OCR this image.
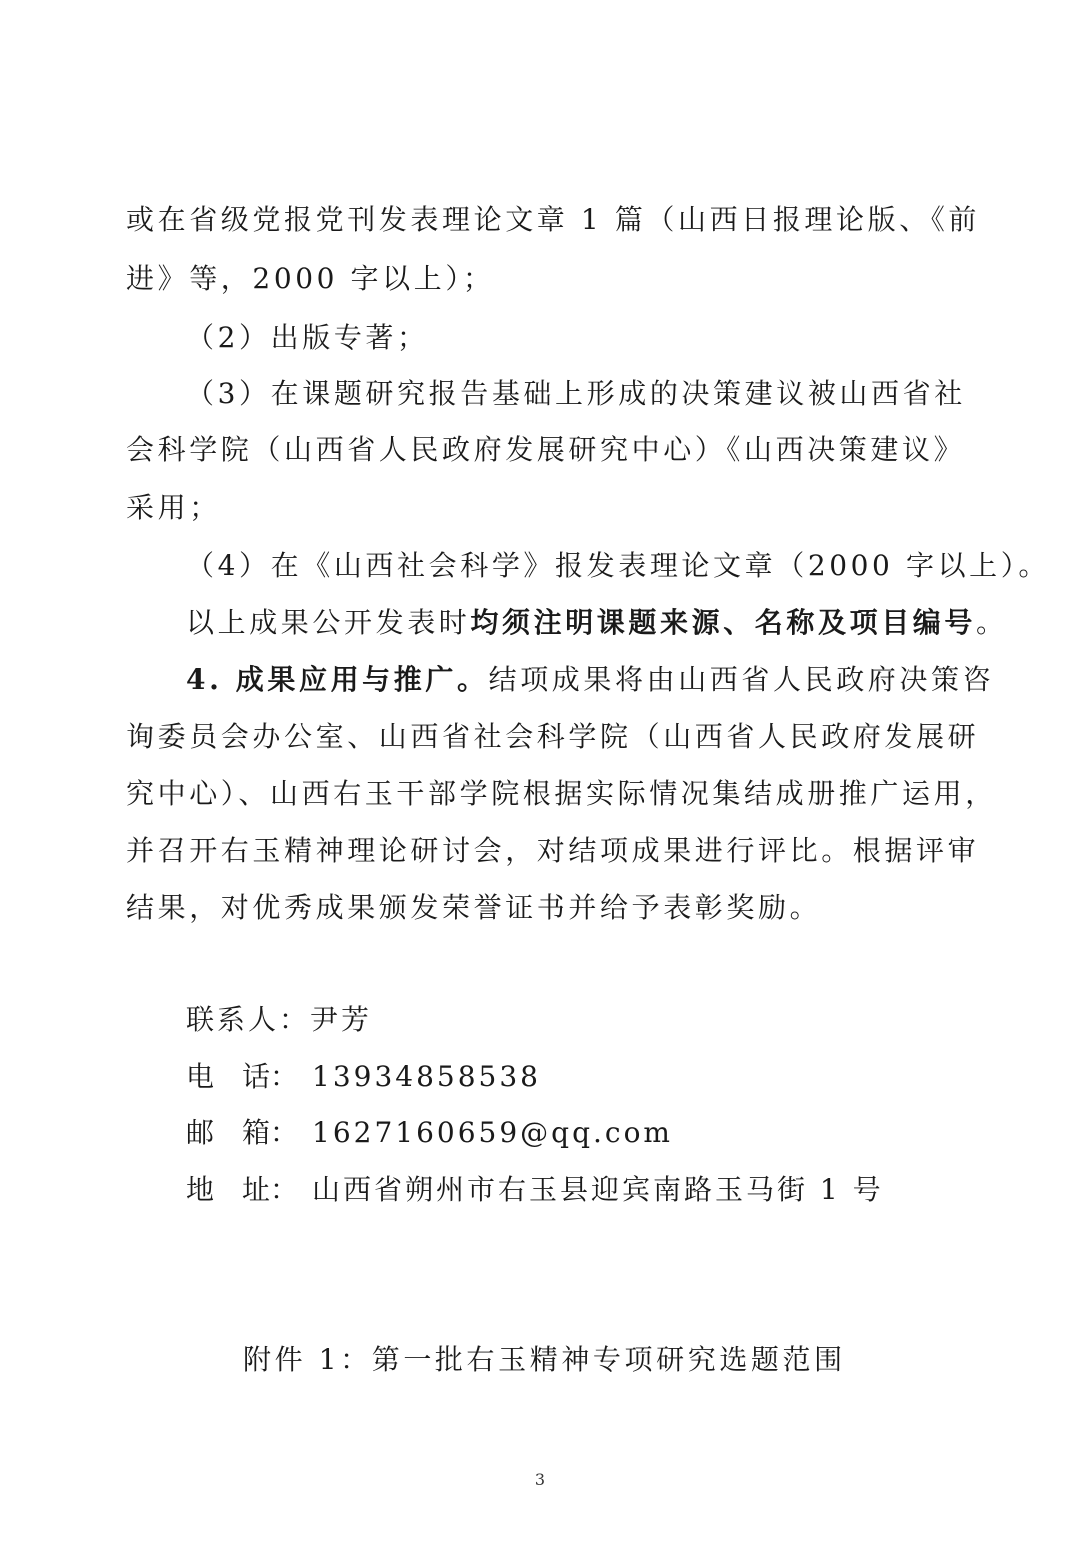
或在省级党报党刊发表理论文章 1 篇（山西日报理论版、《前
进》等，2000 字以上）；
（2）出版专著；
（3）在课题研究报告基础上形成的决策建议被山西省社
会科学院（山西省人民政府发展研究中心）《山西决策建议》
采用；
（4）在《山西社会科学》报发表理论文章（2000 字以上）。
以上成果公开发表时均须注明课题来源、名称及项目编号。
4. 成果应用与推广。结项成果将由山西省人民政府决策咨
询委员会办公室、山西省社会科学院（山西省人民政府发展研
究中心）、山西右玉干部学院根据实际情况集结成册推广运用，
并召开右玉精神理论研讨会，对结项成果进行评比。根据评审
结果，对优秀成果颁发荣誉证书并给予表彰奖励。
联系人：尹芳
电 话： 13934858538
邮 箱： 1627160659@qq.com
地 址： 山西省朔州市右玉县迎宾南路玉马街 1 号
附件 1：第一批右玉精神专项研究选题范围
3
